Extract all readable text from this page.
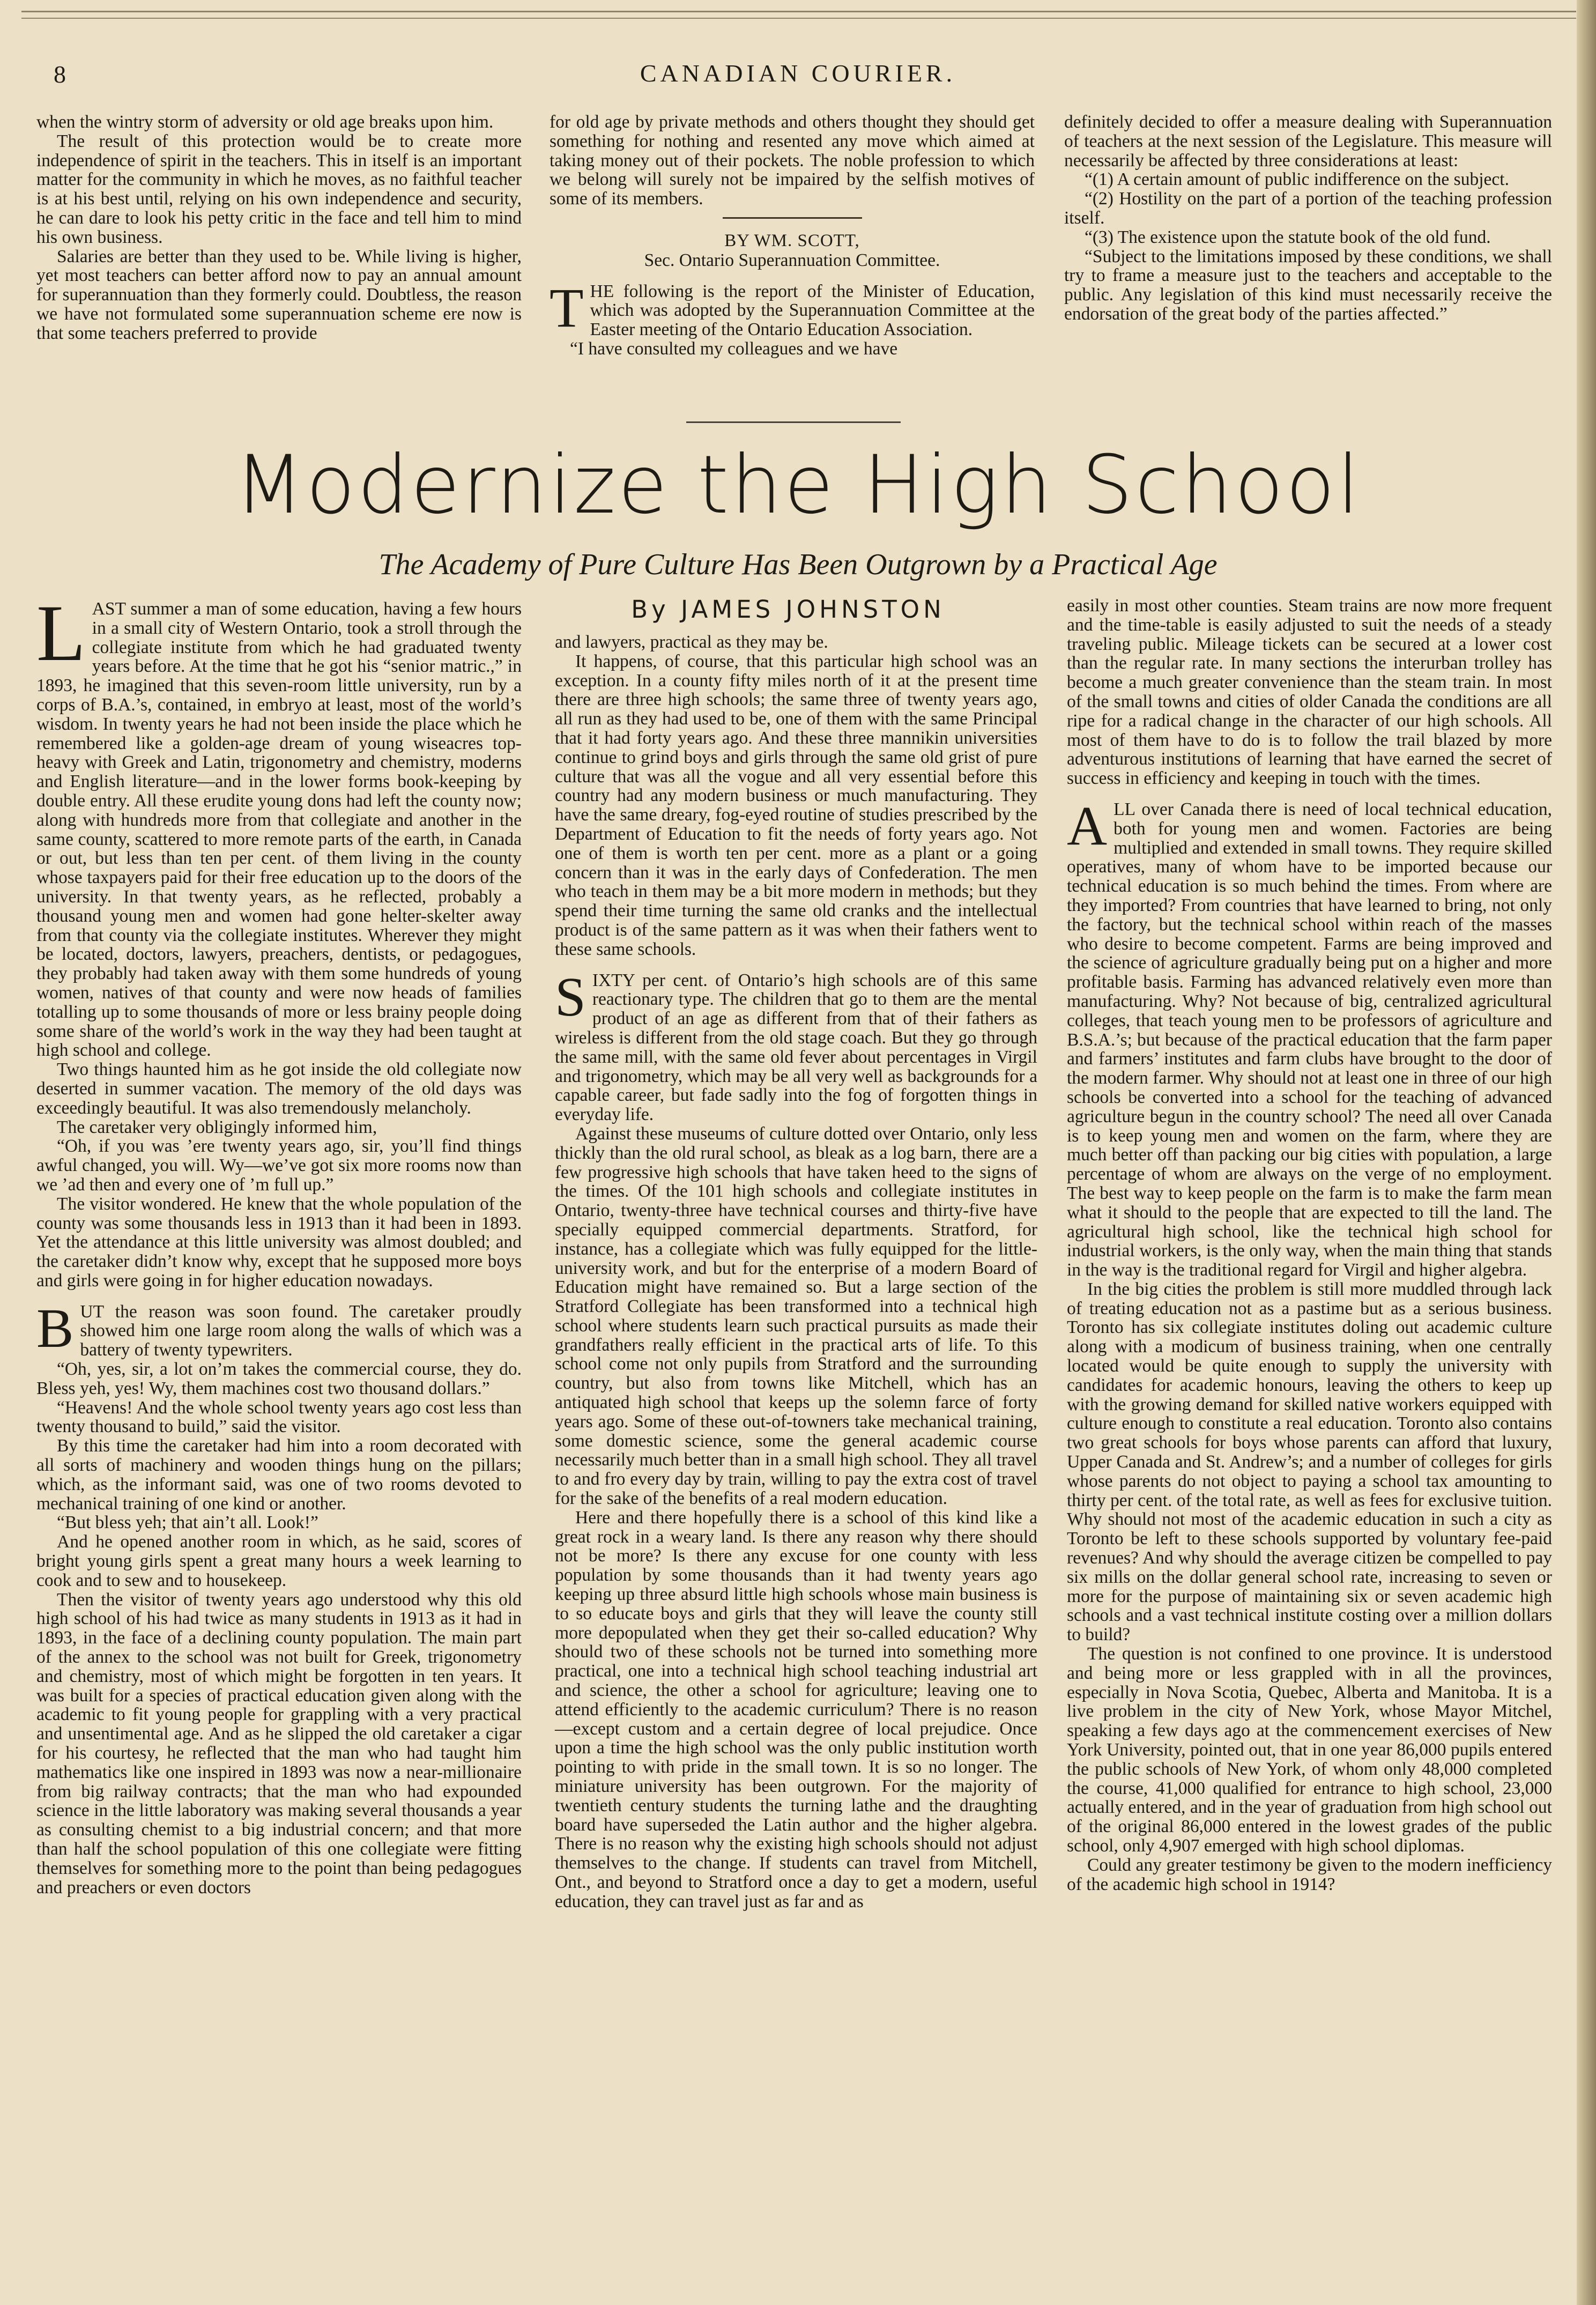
8	CANADIAN COURIER.

when the wintry storm of adversity or old age breaks upon him.

The result of this protection would be to create more independence of spirit in the teachers. This in itself is an important matter for the community in which he moves, as no faithful teacher is at his best until, relying on his own independence and security, he can dare to look his petty critic in the face and tell him to mind his own business.

Salaries are better than they used to be. While living is higher, yet most teachers can better afford now to pay an annual amount for superannuation than they formerly could. Doubtless, the reason we have not formulated some superannuation scheme ere now is that some teachers preferred to provide

for old age by private methods and others thought they should get something for nothing and resented any move which aimed at taking money out of their pockets. The noble profession to which we belong will surely not be impaired by the selfish motives of some of its members.

BY WM. SCOTT,

Sec. Ontario Superannuation Committee.

THE following is the report of the Minister of Education, which was adopted by the Superannuation Committee at the Easter meeting of the Ontario Education Association.

“I have consulted my colleagues and we have

definitely decided to offer a measure dealing with Superannuation of teachers at the next session of the Legislature. This measure will necessarily be affected by three considerations at least:

“(1) A certain amount of public indifference on the subject.

“(2) Hostility on the part of a portion of the teaching profession itself.

“(3) The existence upon the statute book of the old fund.

“Subject to the limitations imposed by these conditions, we shall try to frame a measure just to the teachers and acceptable to the public. Any legislation of this kind must necessarily receive the endorsation of the great body of the parties affected.”

Modernize the High School
The Academy of Pure Culture Has Been Outgrown by a Practical Age
By JAMES JOHNSTON

LAST summer a man of some education, having a few hours in a small city of Western Ontario, took a stroll through the collegiate institute from which he had graduated twenty years before. At the time that he got his “senior matric.,” in 1893, he imagined that this seven-room little university, run by a corps of B.A.’s, contained, in embryo at least, most of the world’s wisdom. In twenty years he had not been inside the place which he remembered like a golden-age dream of young wiseacres top-heavy with Greek and Latin, trigonometry and chemistry, moderns and English literature—and in the lower forms book-keeping by double entry. All these erudite young dons had left the county now; along with hundreds more from that collegiate and another in the same county, scattered to more remote parts of the earth, in Canada or out, but less than ten per cent. of them living in the county whose taxpayers paid for their free education up to the doors of the university. In that twenty years, as he reflected, probably a thousand young men and women had gone helter-skelter away from that county via the collegiate institutes. Wherever they might be located, doctors, lawyers, preachers, dentists, or pedagogues, they probably had taken away with them some hundreds of young women, natives of that county and were now heads of families totalling up to some thousands of more or less brainy people doing some share of the world’s work in the way they had been taught at high school and college.

Two things haunted him as he got inside the old collegiate now deserted in summer vacation. The memory of the old days was exceedingly beautiful. It was also tremendously melancholy.

The caretaker very obligingly informed him,

“Oh, if you was ’ere twenty years ago, sir, you’ll find things awful changed, you will. Wy—we’ve got six more rooms now than we ’ad then and every one of ’m full up.”

The visitor wondered. He knew that the whole population of the county was some thousands less in 1913 than it had been in 1893. Yet the attendance at this little university was almost doubled; and the caretaker didn’t know why, except that he supposed more boys and girls were going in for higher education nowadays.

BUT the reason was soon found. The caretaker proudly showed him one large room along the walls of which was a battery of twenty typewriters.

“Oh, yes, sir, a lot on’m takes the commercial course, they do. Bless yeh, yes! Wy, them machines cost two thousand dollars.”

“Heavens! And the whole school twenty years ago cost less than twenty thousand to build,” said the visitor.

By this time the caretaker had him into a room decorated with all sorts of machinery and wooden things hung on the pillars; which, as the informant said, was one of two rooms devoted to mechanical training of one kind or another.

“But bless yeh; that ain’t all. Look!”

And he opened another room in which, as he said, scores of bright young girls spent a great many hours a week learning to cook and to sew and to housekeep.

Then the visitor of twenty years ago understood why this old high school of his had twice as many students in 1913 as it had in 1893, in the face of a declining county population. The main part of the annex to the school was not built for Greek, trigonometry and chemistry, most of which might be forgotten in ten years. It was built for a species of practical education given along with the academic to fit young people for grappling with a very practical and unsentimental age. And as he slipped the old caretaker a cigar for his courtesy, he reflected that the man who had taught him mathematics like one inspired in 1893 was now a near-millionaire from big railway contracts; that the man who had expounded science in the little laboratory was making several thousands a year as consulting chemist to a big industrial concern; and that more than half the school population of this one collegiate were fitting themselves for something more to the point than being pedagogues and preachers or even doctors

and lawyers, practical as they may be.

It happens, of course, that this particular high school was an exception. In a county fifty miles north of it at the present time there are three high schools; the same three of twenty years ago, all run as they had used to be, one of them with the same Principal that it had forty years ago. And these three mannikin universities continue to grind boys and girls through the same old grist of pure culture that was all the vogue and all very essential before this country had any modern business or much manufacturing. They have the same dreary, fog-eyed routine of studies prescribed by the Department of Education to fit the needs of forty years ago. Not one of them is worth ten per cent. more as a plant or a going concern than it was in the early days of Confederation. The men who teach in them may be a bit more modern in methods; but they spend their time turning the same old cranks and the intellectual product is of the same pattern as it was when their fathers went to these same schools.

SIXTY per cent. of Ontario’s high schools are of this same reactionary type. The children that go to them are the mental product of an age as different from that of their fathers as wireless is different from the old stage coach. But they go through the same mill, with the same old fever about percentages in Virgil and trigonometry, which may be all very well as backgrounds for a capable career, but fade sadly into the fog of forgotten things in everyday life.

Against these museums of culture dotted over Ontario, only less thickly than the old rural school, as bleak as a log barn, there are a few progressive high schools that have taken heed to the signs of the times. Of the 101 high schools and collegiate institutes in Ontario, twenty-three have technical courses and thirty-five have specially equipped commercial departments. Stratford, for instance, has a collegiate which was fully equipped for the little-university work, and but for the enterprise of a modern Board of Education might have remained so. But a large section of the Stratford Collegiate has been transformed into a technical high school where students learn such practical pursuits as made their grandfathers really efficient in the practical arts of life. To this school come not only pupils from Stratford and the surrounding country, but also from towns like Mitchell, which has an antiquated high school that keeps up the solemn farce of forty years ago. Some of these out-of-towners take mechanical training, some domestic science, some the general academic course necessarily much better than in a small high school. They all travel to and fro every day by train, willing to pay the extra cost of travel for the sake of the benefits of a real modern education.

Here and there hopefully there is a school of this kind like a great rock in a weary land. Is there any reason why there should not be more? Is there any excuse for one county with less population by some thousands than it had twenty years ago keeping up three absurd little high schools whose main business is to so educate boys and girls that they will leave the county still more depopulated when they get their so-called education? Why should two of these schools not be turned into something more practical, one into a technical high school teaching industrial art and science, the other a school for agriculture; leaving one to attend efficiently to the academic curriculum? There is no reason—except custom and a certain degree of local prejudice. Once upon a time the high school was the only public institution worth pointing to with pride in the small town. It is so no longer. The miniature university has been outgrown. For the majority of twentieth century students the turning lathe and the draughting board have superseded the Latin author and the higher algebra. There is no reason why the existing high schools should not adjust themselves to the change. If students can travel from Mitchell, Ont., and beyond to Stratford once a day to get a modern, useful education, they can travel just as far and as

easily in most other counties. Steam trains are now more frequent and the time-table is easily adjusted to suit the needs of a steady traveling public. Mileage tickets can be secured at a lower cost than the regular rate. In many sections the interurban trolley has become a much greater convenience than the steam train. In most of the small towns and cities of older Canada the conditions are all ripe for a radical change in the character of our high schools. All most of them have to do is to follow the trail blazed by more adventurous institutions of learning that have earned the secret of success in efficiency and keeping in touch with the times.

ALL over Canada there is need of local technical education, both for young men and women. Factories are being multiplied and extended in small towns. They require skilled operatives, many of whom have to be imported because our technical education is so much behind the times. From where are they imported? From countries that have learned to bring, not only the factory, but the technical school within reach of the masses who desire to become competent. Farms are being improved and the science of agriculture gradually being put on a higher and more profitable basis. Farming has advanced relatively even more than manufacturing. Why? Not because of big, centralized agricultural colleges, that teach young men to be professors of agriculture and B.S.A.’s; but because of the practical education that the farm paper and farmers’ institutes and farm clubs have brought to the door of the modern farmer. Why should not at least one in three of our high schools be converted into a school for the teaching of advanced agriculture begun in the country school? The need all over Canada is to keep young men and women on the farm, where they are much better off than packing our big cities with population, a large percentage of whom are always on the verge of no employment. The best way to keep people on the farm is to make the farm mean what it should to the people that are expected to till the land. The agricultural high school, like the technical high school for industrial workers, is the only way, when the main thing that stands in the way is the traditional regard for Virgil and higher algebra.

In the big cities the problem is still more muddled through lack of treating education not as a pastime but as a serious business. Toronto has six collegiate institutes doling out academic culture along with a modicum of business training, when one centrally located would be quite enough to supply the university with candidates for academic honours, leaving the others to keep up with the growing demand for skilled native workers equipped with culture enough to constitute a real education. Toronto also contains two great schools for boys whose parents can afford that luxury, Upper Canada and St. Andrew’s; and a number of colleges for girls whose parents do not object to paying a school tax amounting to thirty per cent. of the total rate, as well as fees for exclusive tuition. Why should not most of the academic education in such a city as Toronto be left to these schools supported by voluntary fee-paid revenues? And why should the average citizen be compelled to pay six mills on the dollar general school rate, increasing to seven or more for the purpose of maintaining six or seven academic high schools and a vast technical institute costing over a million dollars to build?

The question is not confined to one province. It is understood and being more or less grappled with in all the provinces, especially in Nova Scotia, Quebec, Alberta and Manitoba. It is a live problem in the city of New York, whose Mayor Mitchel, speaking a few days ago at the commencement exercises of New York University, pointed out, that in one year 86,000 pupils entered the public schools of New York, of whom only 48,000 completed the course, 41,000 qualified for entrance to high school, 23,000 actually entered, and in the year of graduation from high school out of the original 86,000 entered in the lowest grades of the public school, only 4,907 emerged with high school diplomas.

Could any greater testimony be given to the modern inefficiency of the academic high school in 1914?
